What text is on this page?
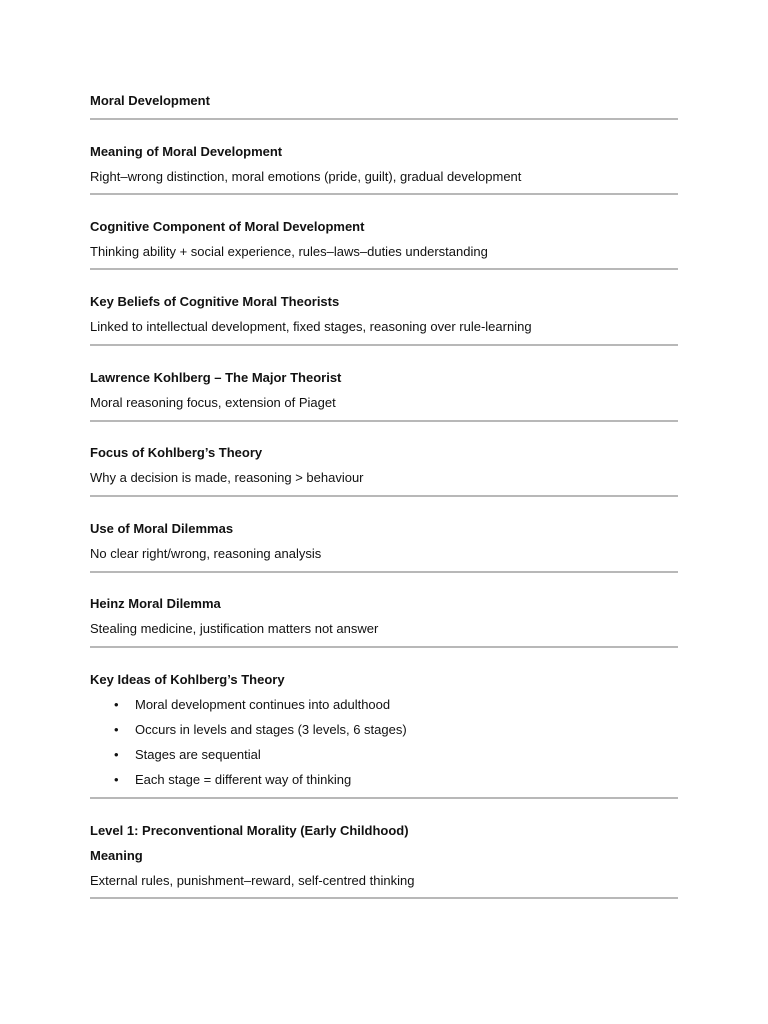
Moral Development
Meaning of Moral Development
Right–wrong distinction, moral emotions (pride, guilt), gradual development
Cognitive Component of Moral Development
Thinking ability + social experience, rules–laws–duties understanding
Key Beliefs of Cognitive Moral Theorists
Linked to intellectual development, fixed stages, reasoning over rule-learning
Lawrence Kohlberg – The Major Theorist
Moral reasoning focus, extension of Piaget
Focus of Kohlberg’s Theory
Why a decision is made, reasoning > behaviour
Use of Moral Dilemmas
No clear right/wrong, reasoning analysis
Heinz Moral Dilemma
Stealing medicine, justification matters not answer
Key Ideas of Kohlberg’s Theory
• Moral development continues into adulthood
• Occurs in levels and stages (3 levels, 6 stages)
• Stages are sequential
• Each stage = different way of thinking
Level 1: Preconventional Morality (Early Childhood)
Meaning
External rules, punishment–reward, self-centred thinking
